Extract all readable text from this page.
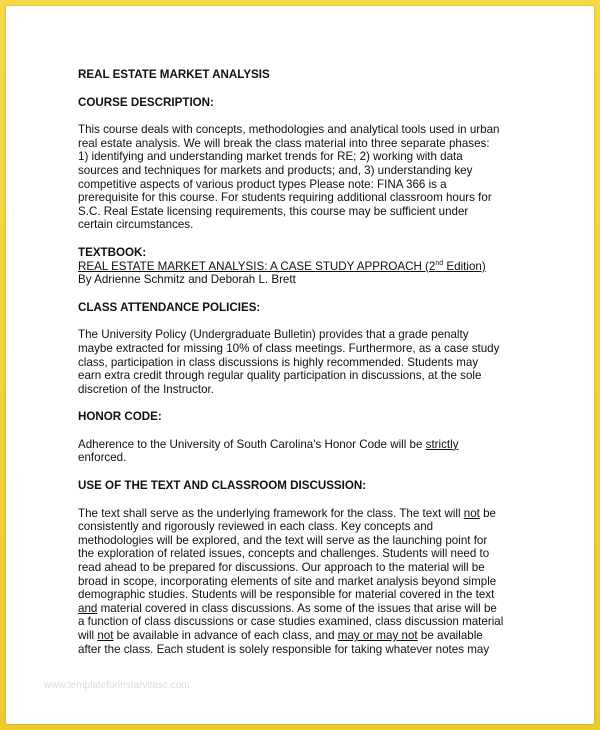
REAL ESTATE MARKET ANALYSIS
COURSE DESCRIPTION:
This course deals with concepts, methodologies and analytical tools used in urban
real estate analysis. We will break the class material into three separate phases:
1) identifying and understanding market trends for RE; 2) working with data
sources and techniques for markets and products; and, 3) understanding key
competitive aspects of various product types Please note: FINA 366 is a
prerequisite for this course. For students requiring additional classroom hours for
S.C. Real Estate licensing requirements, this course may be sufficient under
certain circumstances.
TEXTBOOK:
REAL ESTATE MARKET ANALYSIS: A CASE STUDY APPROACH (2nd Edition)
By Adrienne Schmitz and Deborah L. Brett
CLASS ATTENDANCE POLICIES:
The University Policy (Undergraduate Bulletin) provides that a grade penalty
maybe extracted for missing 10% of class meetings. Furthermore, as a case study
class, participation in class discussions is highly recommended. Students may
earn extra credit through regular quality participation in discussions, at the sole
discretion of the Instructor.
HONOR CODE:
Adherence to the University of South Carolina's Honor Code will be strictly
enforced.
USE OF THE TEXT AND CLASSROOM DISCUSSION:
The text shall serve as the underlying framework for the class. The text will not be
consistently and rigorously reviewed in each class. Key concepts and
methodologies will be explored, and the text will serve as the launching point for
the exploration of related issues, concepts and challenges. Students will need to
read ahead to be prepared for discussions. Our approach to the material will be
broad in scope, incorporating elements of site and market analysis beyond simple
demographic studies. Students will be responsible for material covered in the text
and material covered in class discussions. As some of the issues that arise will be
a function of class discussions or case studies examined, class discussion material
will not be available in advance of each class, and may or may not be available
after the class. Each student is solely responsible for taking whatever notes may
www.templateforinstarvitasc.com
